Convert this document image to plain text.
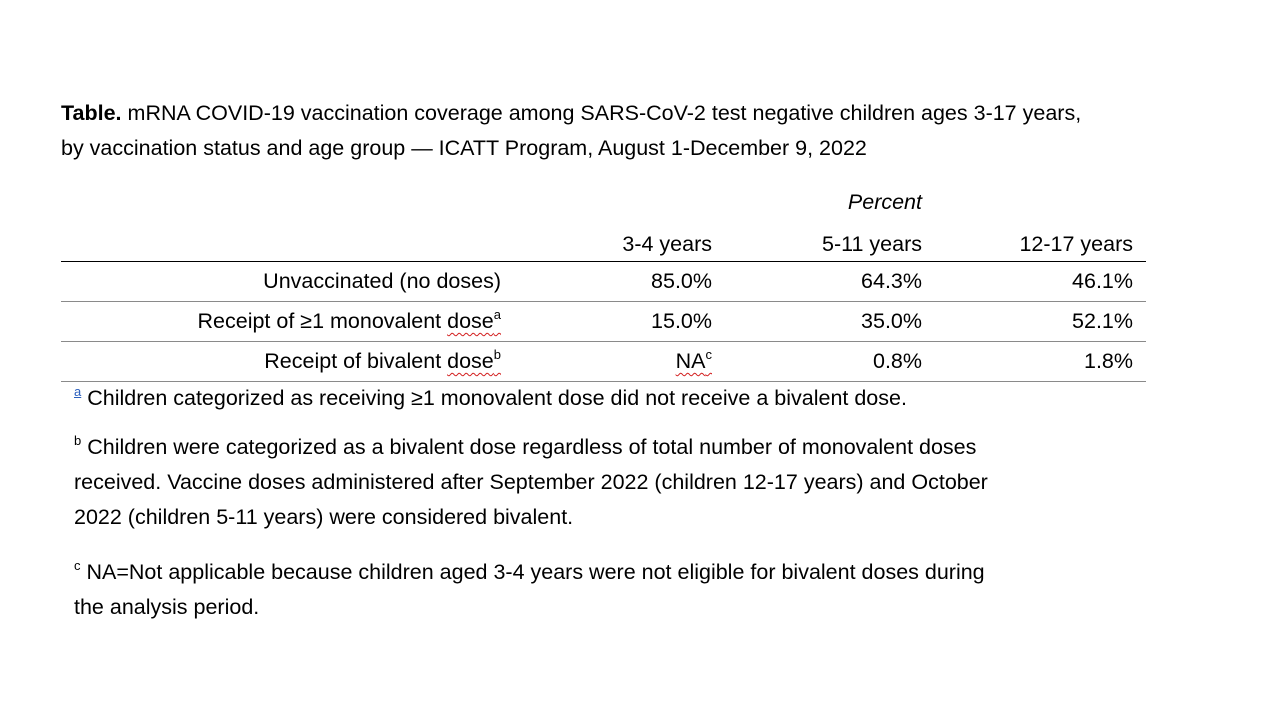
Table. mRNA COVID-19 vaccination coverage among SARS-CoV-2 test negative children ages 3-17 years,
by vaccination status and age group — ICATT Program, August 1-December 9, 2022
Percent
	3-4 years	5-11 years	12-17 years
Unvaccinated (no doses)	85.0%	64.3%	46.1%
Receipt of ≥1 monovalent dose$^a$	15.0%	35.0%	52.1%
Receipt of bivalent dose$^b$	$NA^c$	0.8%	1.8%
$^a$ Children categorized as receiving ≥1 monovalent dose did not receive a bivalent dose.
$^b$ Children were categorized as a bivalent dose regardless of total number of monovalent doses
received. Vaccine doses administered after September 2022 (children 12-17 years) and October
2022 (children 5-11 years) were considered bivalent.
$^c$ NA=Not applicable because children aged 3-4 years were not eligible for bivalent doses during
the analysis period.
